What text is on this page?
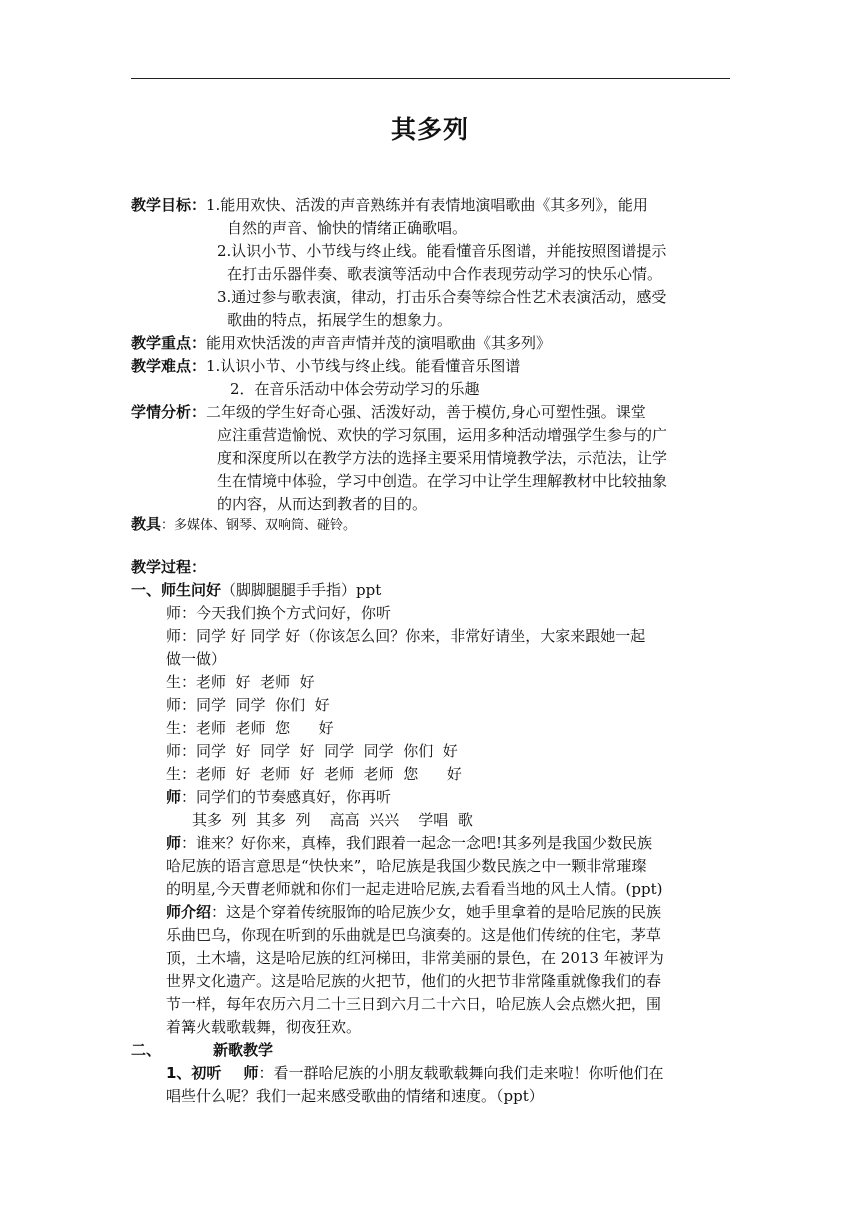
其多列
教学目标：1.能用欢快、活泼的声音熟练并有表情地演唱歌曲《其多列》，能用
自然的声音、愉快的情绪正确歌唱。
2.认识小节、小节线与终止线。能看懂音乐图谱，并能按照图谱提示
在打击乐器伴奏、歌表演等活动中合作表现劳动学习的快乐心情。
3.通过参与歌表演，律动，打击乐合奏等综合性艺术表演活动，感受
歌曲的特点，拓展学生的想象力。
教学重点：能用欢快活泼的声音声情并茂的演唱歌曲《其多列》
教学难点：1.认识小节、小节线与终止线。能看懂音乐图谱
2．在音乐活动中体会劳动学习的乐趣
学情分析：二年级的学生好奇心强、活泼好动，善于模仿,身心可塑性强。课堂
应注重营造愉悦、欢快的学习氛围，运用多种活动增强学生参与的广
度和深度所以在教学方法的选择主要采用情境教学法，示范法，让学
生在情境中体验，学习中创造。在学习中让学生理解教材中比较抽象
的内容，从而达到教者的目的。
教具：多媒体、钢琴、双响筒、碰铃。
教学过程：
一、师生问好（脚脚腿腿手手指）ppt
师：今天我们换个方式问好，你听
师：同学 好 同学 好（你该怎么回？你来，非常好请坐，大家来跟她一起
做一做）
生：老师  好  老师  好
师：同学  同学  你们  好
生：老师  老师  您      好
师：同学  好  同学  好  同学  同学  你们  好
生：老师  好  老师  好  老师  老师  您      好
师：同学们的节奏感真好，你再听
其多  列  其多  列    高高  兴兴    学唱  歌
师：谁来？好你来，真棒，我们跟着一起念一念吧!其多列是我国少数民族
哈尼族的语言意思是“快快来”，哈尼族是我国少数民族之中一颗非常璀璨
的明星,今天曹老师就和你们一起走进哈尼族,去看看当地的风土人情。(ppt)
师介绍：这是个穿着传统服饰的哈尼族少女，她手里拿着的是哈尼族的民族
乐曲巴乌，你现在听到的乐曲就是巴乌演奏的。这是他们传统的住宅，茅草
顶，土木墙，这是哈尼族的红河梯田，非常美丽的景色，在 2013 年被评为
世界文化遗产。这是哈尼族的火把节，他们的火把节非常隆重就像我们的春
节一样，每年农历六月二十三日到六月二十六日，哈尼族人会点燃火把，围
着篝火载歌载舞，彻夜狂欢。
二、	新歌教学
1、初听 师：看一群哈尼族的小朋友载歌载舞向我们走来啦！你听他们在
唱些什么呢？我们一起来感受歌曲的情绪和速度。（ppt）
